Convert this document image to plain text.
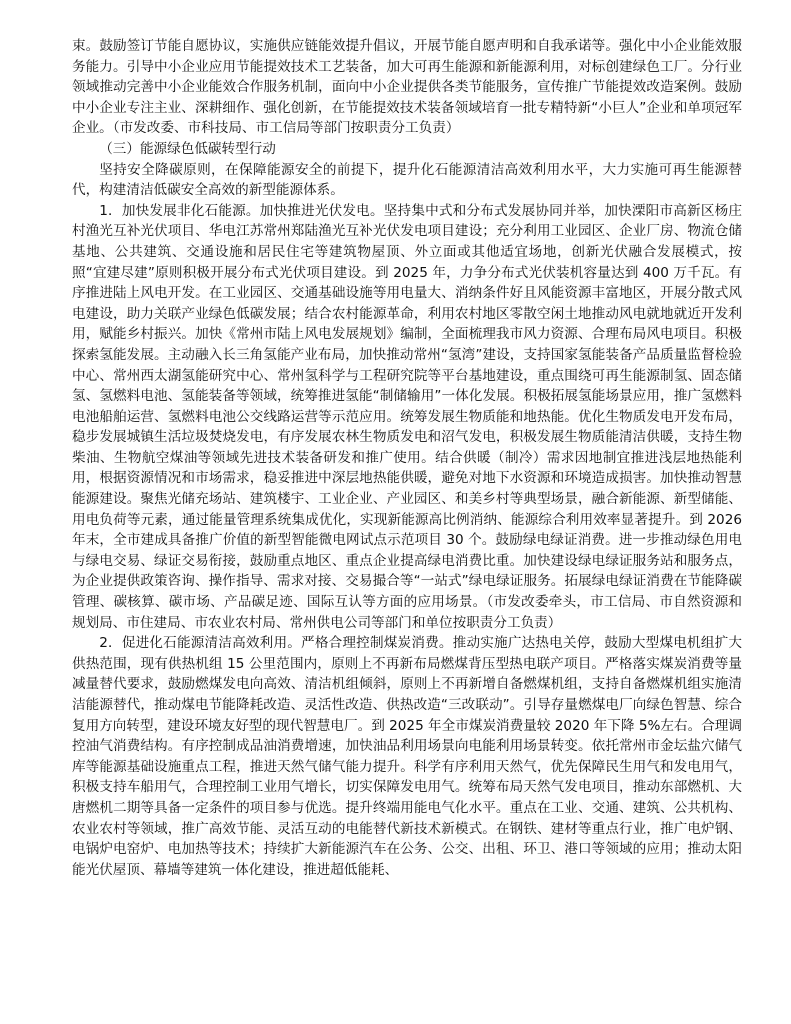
束。鼓励签订节能自愿协议，实施供应链能效提升倡议，开展节能自愿声明和自我承诺等。强化中小企业能效服务能力。引导中小企业应用节能提效技术工艺装备，加大可再生能源和新能源利用，对标创建绿色工厂。分行业领域推动完善中小企业能效合作服务机制，面向中小企业提供各类节能服务，宣传推广节能提效改造案例。鼓励中小企业专注主业、深耕细作、强化创新，在节能提效技术装备领域培育一批专精特新“小巨人”企业和单项冠军企业。（市发改委、市科技局、市工信局等部门按职责分工负责）

（三）能源绿色低碳转型行动

坚持安全降碳原则，在保障能源安全的前提下，提升化石能源清洁高效利用水平，大力实施可再生能源替代，构建清洁低碳安全高效的新型能源体系。

1．加快发展非化石能源。加快推进光伏发电。坚持集中式和分布式发展协同并举，加快溧阳市高新区杨庄村渔光互补光伏项目、华电江苏常州郑陆渔光互补光伏发电项目建设；充分利用工业园区、企业厂房、物流仓储基地、公共建筑、交通设施和居民住宅等建筑物屋顶、外立面或其他适宜场地，创新光伏融合发展模式，按照“宜建尽建”原则积极开展分布式光伏项目建设。到 2025 年，力争分布式光伏装机容量达到 400 万千瓦。有序推进陆上风电开发。在工业园区、交通基础设施等用电量大、消纳条件好且风能资源丰富地区，开展分散式风电建设，助力关联产业绿色低碳发展；结合农村能源革命，利用农村地区零散空闲土地推动风电就地就近开发利用，赋能乡村振兴。加快《常州市陆上风电发展规划》编制，全面梳理我市风力资源、合理布局风电项目。积极探索氢能发展。主动融入长三角氢能产业布局，加快推动常州“氢湾”建设，支持国家氢能装备产品质量监督检验中心、常州西太湖氢能研究中心、常州氢科学与工程研究院等平台基地建设，重点围绕可再生能源制氢、固态储氢、氢燃料电池、氢能装备等领域，统筹推进氢能“制储输用”一体化发展。积极拓展氢能场景应用，推广氢燃料电池船舶运营、氢燃料电池公交线路运营等示范应用。统筹发展生物质能和地热能。优化生物质发电开发布局，稳步发展城镇生活垃圾焚烧发电，有序发展农林生物质发电和沼气发电，积极发展生物质能清洁供暖，支持生物柴油、生物航空煤油等领域先进技术装备研发和推广使用。结合供暖（制冷）需求因地制宜推进浅层地热能利用，根据资源情况和市场需求，稳妥推进中深层地热能供暖，避免对地下水资源和环境造成损害。加快推动智慧能源建设。聚焦光储充场站、建筑楼宇、工业企业、产业园区、和美乡村等典型场景，融合新能源、新型储能、用电负荷等元素，通过能量管理系统集成优化，实现新能源高比例消纳、能源综合利用效率显著提升。到 2026 年末，全市建成具备推广价值的新型智能微电网试点示范项目 30 个。鼓励绿电绿证消费。进一步推动绿色用电与绿电交易、绿证交易衔接，鼓励重点地区、重点企业提高绿电消费比重。加快建设绿电绿证服务站和服务点，为企业提供政策咨询、操作指导、需求对接、交易撮合等“一站式”绿电绿证服务。拓展绿电绿证消费在节能降碳管理、碳核算、碳市场、产品碳足迹、国际互认等方面的应用场景。（市发改委牵头，市工信局、市自然资源和规划局、市住建局、市农业农村局、常州供电公司等部门和单位按职责分工负责）

2．促进化石能源清洁高效利用。严格合理控制煤炭消费。推动实施广达热电关停，鼓励大型煤电机组扩大供热范围，现有供热机组 15 公里范围内，原则上不再新布局燃煤背压型热电联产项目。严格落实煤炭消费等量减量替代要求，鼓励燃煤发电向高效、清洁机组倾斜，原则上不再新增自备燃煤机组，支持自备燃煤机组实施清洁能源替代，推动煤电节能降耗改造、灵活性改造、供热改造“三改联动”。引导存量燃煤电厂向绿色智慧、综合复用方向转型，建设环境友好型的现代智慧电厂。到 2025 年全市煤炭消费量较 2020 年下降 5%左右。合理调控油气消费结构。有序控制成品油消费增速，加快油品利用场景向电能利用场景转变。依托常州市金坛盐穴储气库等能源基础设施重点工程，推进天然气储气能力提升。科学有序利用天然气，优先保障民生用气和发电用气，积极支持车船用气，合理控制工业用气增长，切实保障发电用气。统筹布局天然气发电项目，推动东部燃机、大唐燃机二期等具备一定条件的项目参与优选。提升终端用能电气化水平。重点在工业、交通、建筑、公共机构、农业农村等领域，推广高效节能、灵活互动的电能替代新技术新模式。在钢铁、建材等重点行业，推广电炉钢、电锅炉电窑炉、电加热等技术；持续扩大新能源汽车在公务、公交、出租、环卫、港口等领域的应用；推动太阳能光伏屋顶、幕墙等建筑一体化建设，推进超低能耗、
